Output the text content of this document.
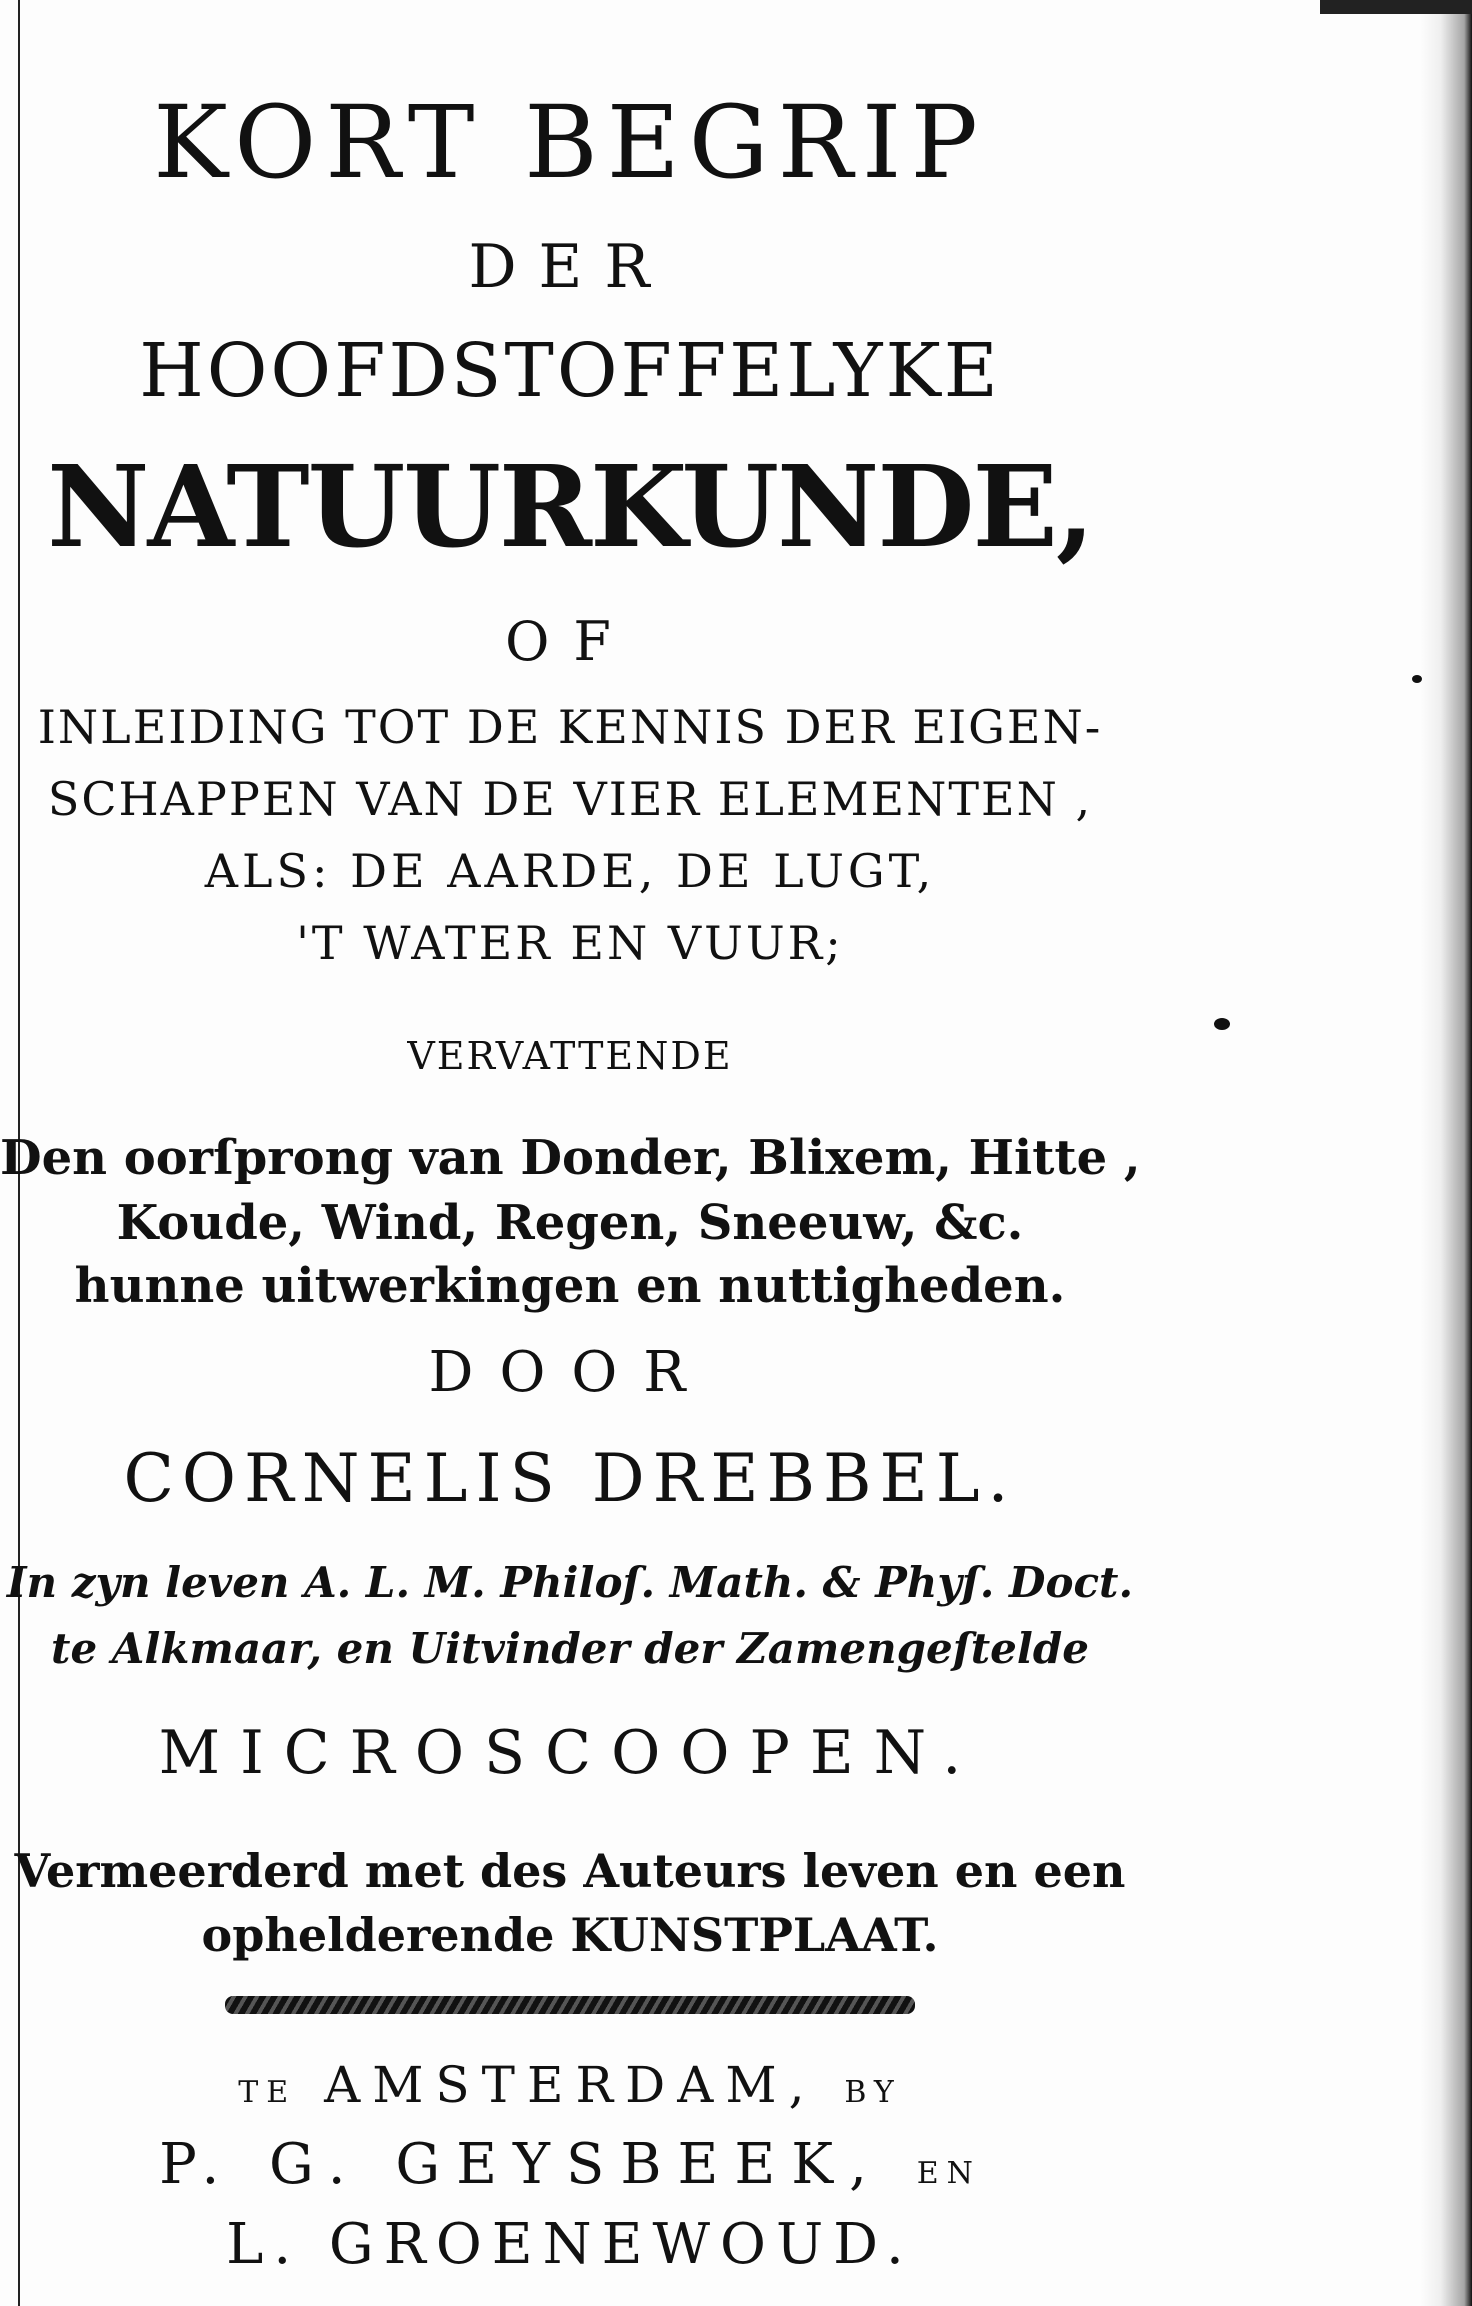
KORT BEGRIP
DER
HOOFDSTOFFELYKE
NATUURKUNDE,
OF
INLEIDING TOT DE KENNIS DER EIGEN-
SCHAPPEN VAN DE VIER ELEMENTEN ,
ALS: DE AARDE, DE LUGT,
'T WATER EN VUUR;
VERVATTENDE
Den oorſprong van Donder, Blixem, Hitte ,
Koude, Wind, Regen, Sneeuw, &c.
hunne uitwerkingen en nuttigheden.
DOOR
CORNELIS DREBBEL.
In zyn leven A. L. M. Philoſ. Math. & Phyſ. Doct.
te Alkmaar, en Uitvinder der Zamengeſtelde
MICROSCOOPEN.
Vermeerderd met des Auteurs leven en een
ophelderende KUNSTPLAAT.
TE AMSTERDAM, BY
P. G. GEYSBEEK, EN
L. GROENEWOUD.
